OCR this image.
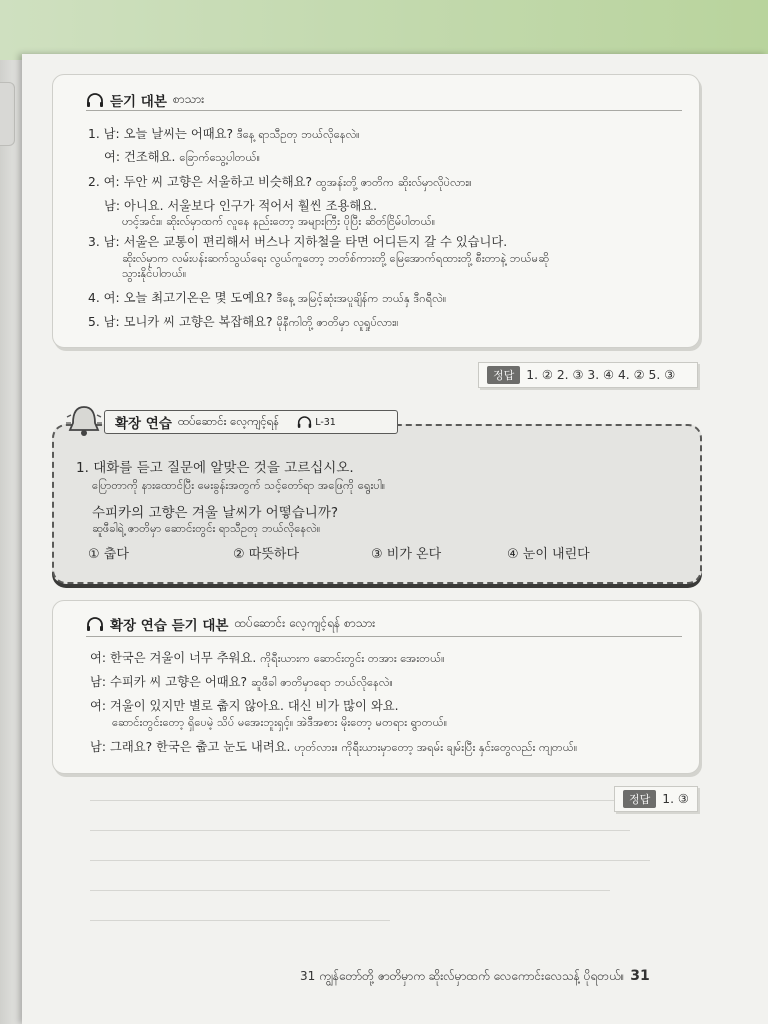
듣기 대본 စာသား
1. 남: 오늘 날씨는 어때요? ဒီနေ့ ရာသီဥတု ဘယ်လိုနေလဲ။
여: 건조해요. ခြောက်သွေ့ပါတယ်။
2. 여: 두안 씨 고향은 서울하고 비슷해요? ထွအန်းတို့ ဇာတိက ဆိုးလ်မှာလိုပဲလား။
남: 아니요. 서울보다 인구가 적어서 훨씬 조용해요.
ဟင့်အင်း။ ဆိုးလ်မှာထက် လူနေ နည်းတော့ အများကြီး ပိုပြီး ဆိတ်ငြိမ်ပါတယ်။
3. 남: 서울은 교통이 편리해서 버스나 지하철을 타면 어디든지 갈 수 있습니다.
ဆိုးလ်မှာက လမ်းပန်းဆက်သွယ်ရေး လွယ်ကူတော့ ဘတ်စ်ကားတို့ မြေအောက်ရထားတို့ စီးတာနဲ့ ဘယ်မဆို
သွားနိုင်ပါတယ်။
4. 여: 오늘 최고기온은 몇 도예요? ဒီနေ့ အမြင့်ဆုံးအပူချိန်က ဘယ်နှ ဒီဂရီလဲ။
5. 남: 모니카 씨 고향은 복잡해요? မိုနီကါတို့ ဇာတိမှာ လူရှုပ်လား။
정답 1. ② 2. ③ 3. ④ 4. ② 5. ③
확장 연습 ထပ်ဆောင်း လေ့ကျင့်ရန်	L-31
1. 대화를 듣고 질문에 알맞은 것을 고르십시오.
ပြောတာကို နားထောင်ပြီး မေးခွန်းအတွက် သင့်တော်ရာ အဖြေကို ရွေးပါ။
수피카의 고향은 겨울 날씨가 어떻습니까?
ဆူဖီခါရဲ့ ဇာတိမှာ ဆောင်းတွင်း ရာသီဥတု ဘယ်လိုနေလဲ။
① 춥다	② 따뜻하다	③ 비가 온다	④ 눈이 내린다
확장 연습 듣기 대본 ထပ်ဆောင်း လေ့ကျင့်ရန် စာသား
여: 한국은 겨울이 너무 추워요. ကိုရီးယားက ဆောင်းတွင်း တအား အေးတယ်။
남: 수피카 씨 고향은 어때요? ဆူဖီခါ ဇာတိမှာရော ဘယ်လိုနေလဲ။
여: 겨울이 있지만 별로 춥지 않아요. 대신 비가 많이 와요.
ဆောင်းတွင်းတော့ ရှိပေမဲ့ သိပ် မအေးဘူးရှင့်။ အဲဒီအစား မိုးတော့ မတရား ရွာတယ်။
남: 그래요? 한국은 춥고 눈도 내려요. ဟုတ်လား။ ကိုရီးယားမှာတော့ အရမ်း ချမ်းပြီး နှင်းတွေလည်း ကျတယ်။
정답 1. ③
31 ကျွန်တော်တို့ ဇာတိမှာက ဆိုးလ်မှာထက် လေကောင်းလေသန့် ပိုရတယ်။ 31
